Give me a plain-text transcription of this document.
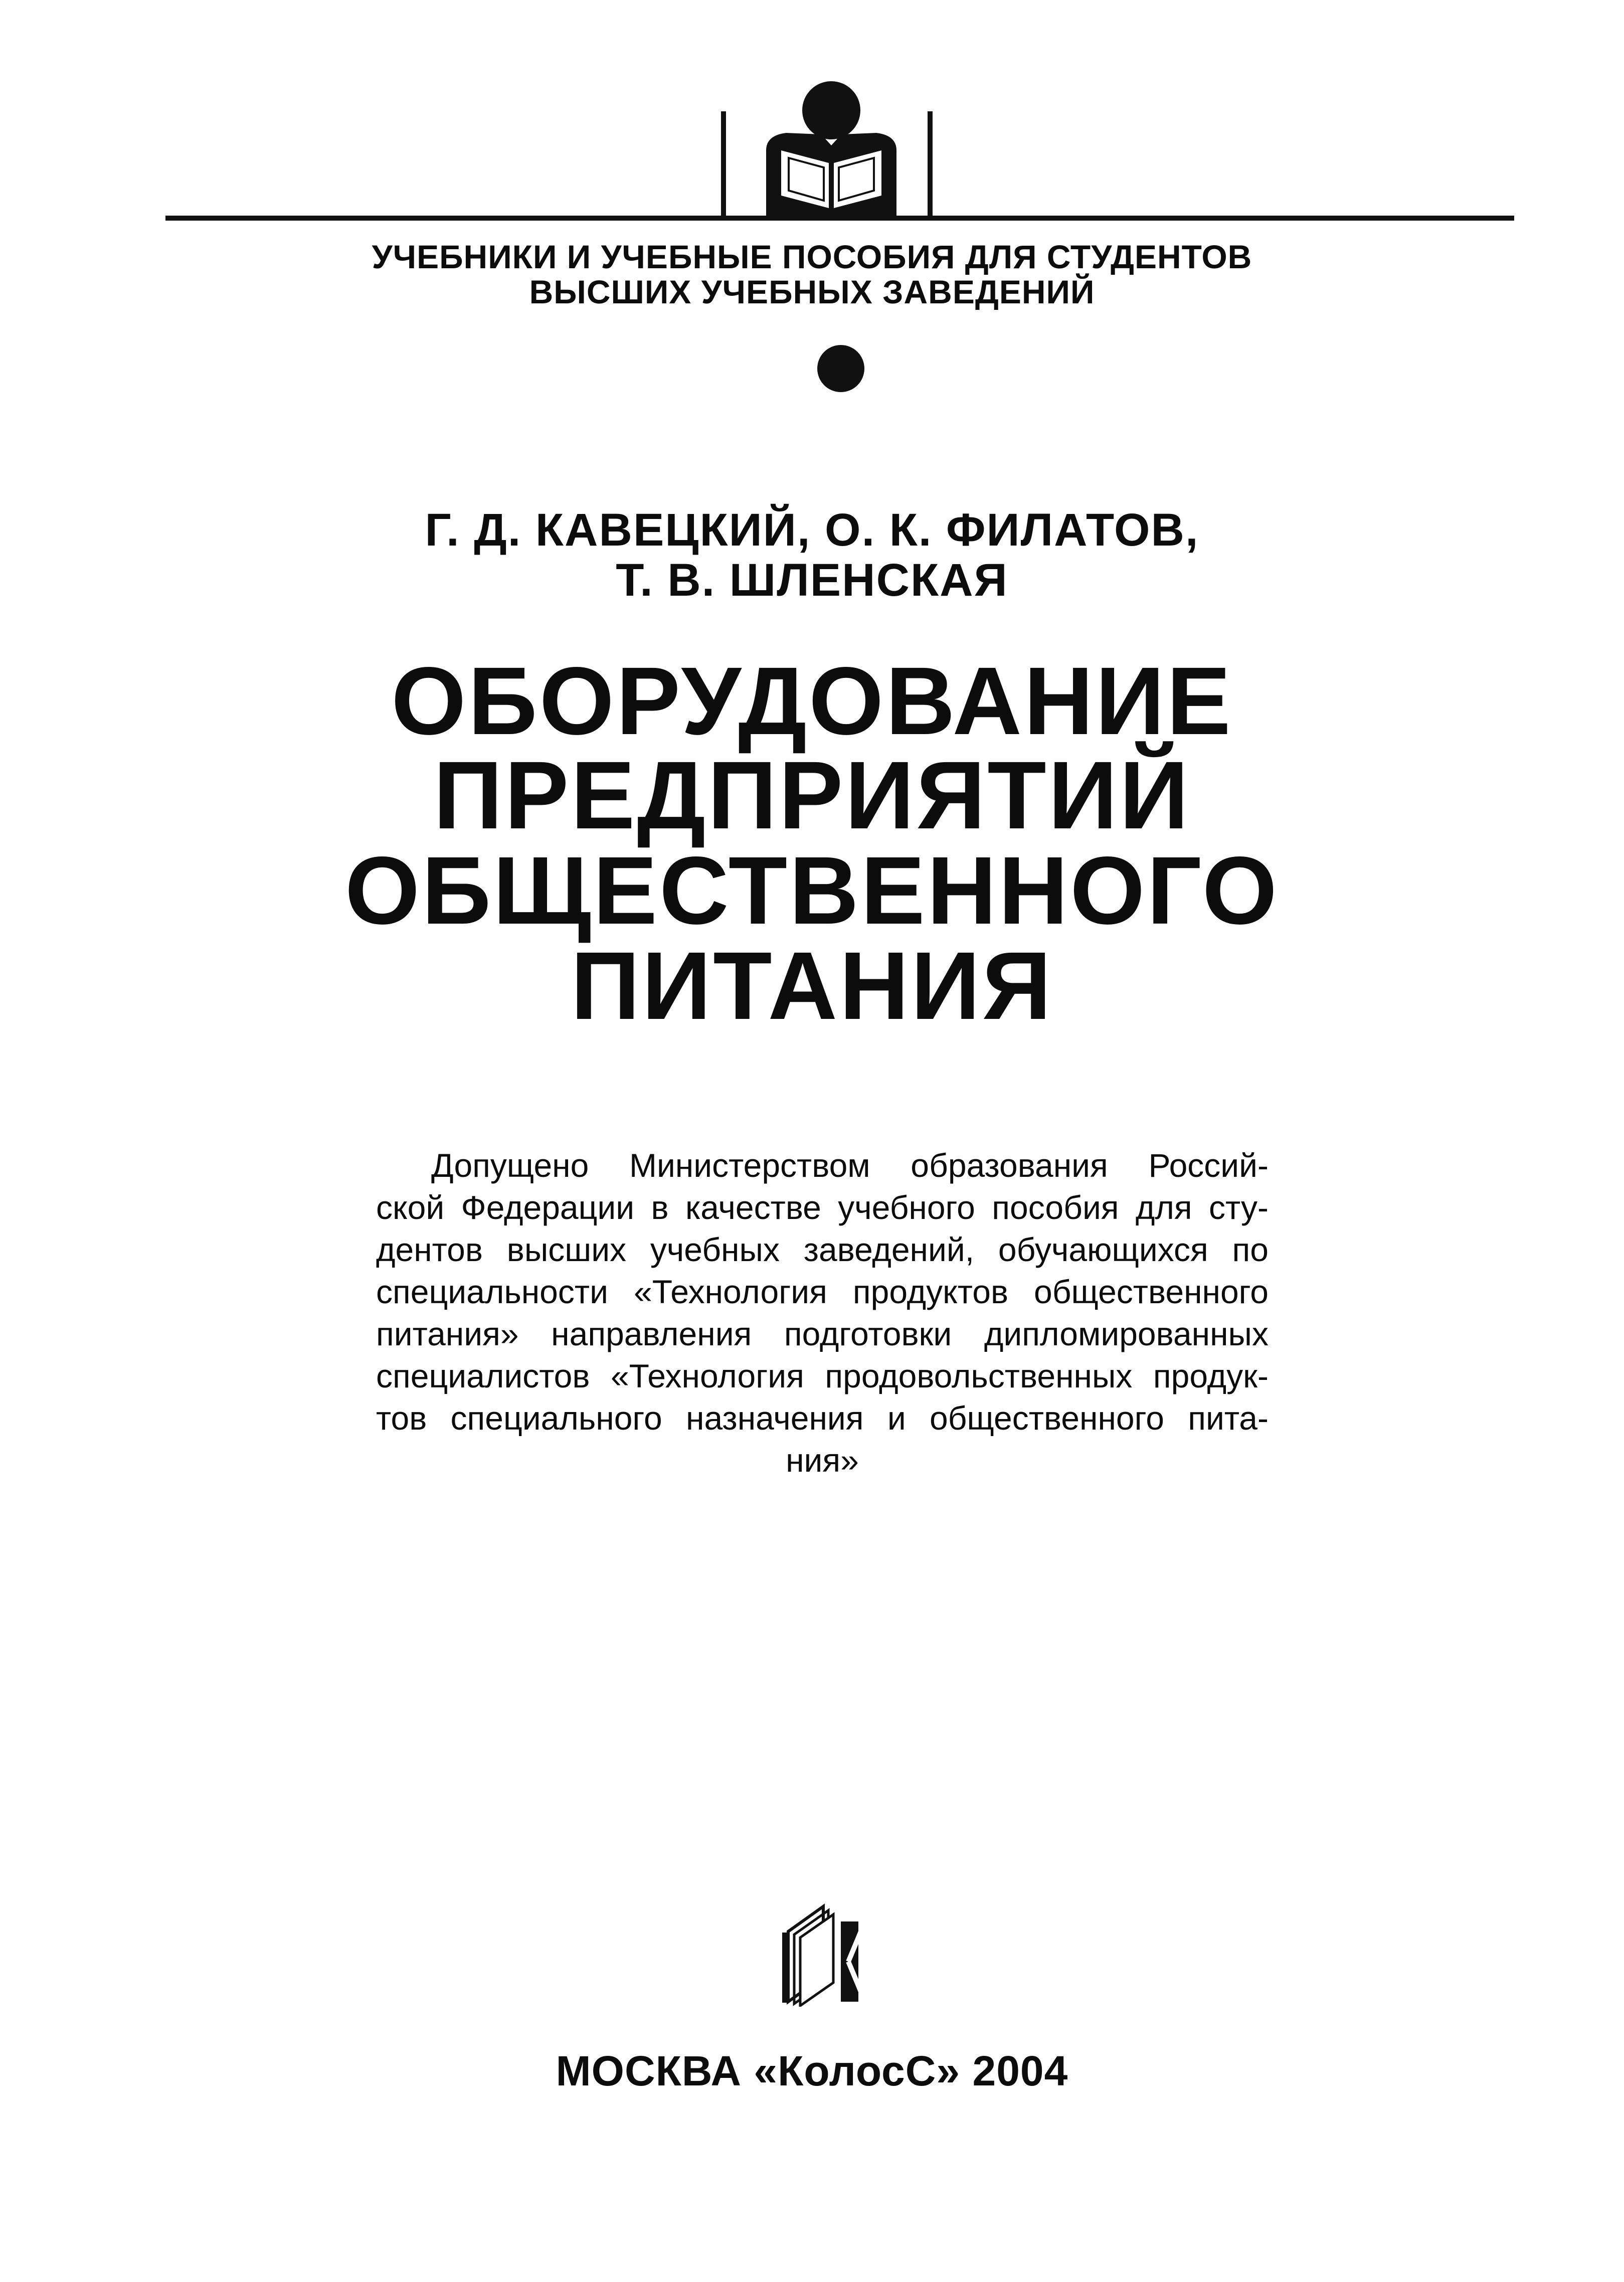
УЧЕБНИКИ И УЧЕБНЫЕ ПОСОБИЯ ДЛЯ СТУДЕНТОВ
ВЫСШИХ УЧЕБНЫХ ЗАВЕДЕНИЙ
Г. Д. КАВЕЦКИЙ, О. К. ФИЛАТОВ,
Т. В. ШЛЕНСКАЯ
ОБОРУДОВАНИЕ
ПРЕДПРИЯТИЙ
ОБЩЕСТВЕННОГО
ПИТАНИЯ
Допущено Министерством образования Россий-
ской Федерации в качестве учебного пособия для сту-
дентов высших учебных заведений, обучающихся по
специальности «Технология продуктов общественного
питания» направления подготовки дипломированных
специалистов «Технология продовольственных продук-
тов специального назначения и общественного пита-
ния»
МОСКВА «КолосС» 2004
